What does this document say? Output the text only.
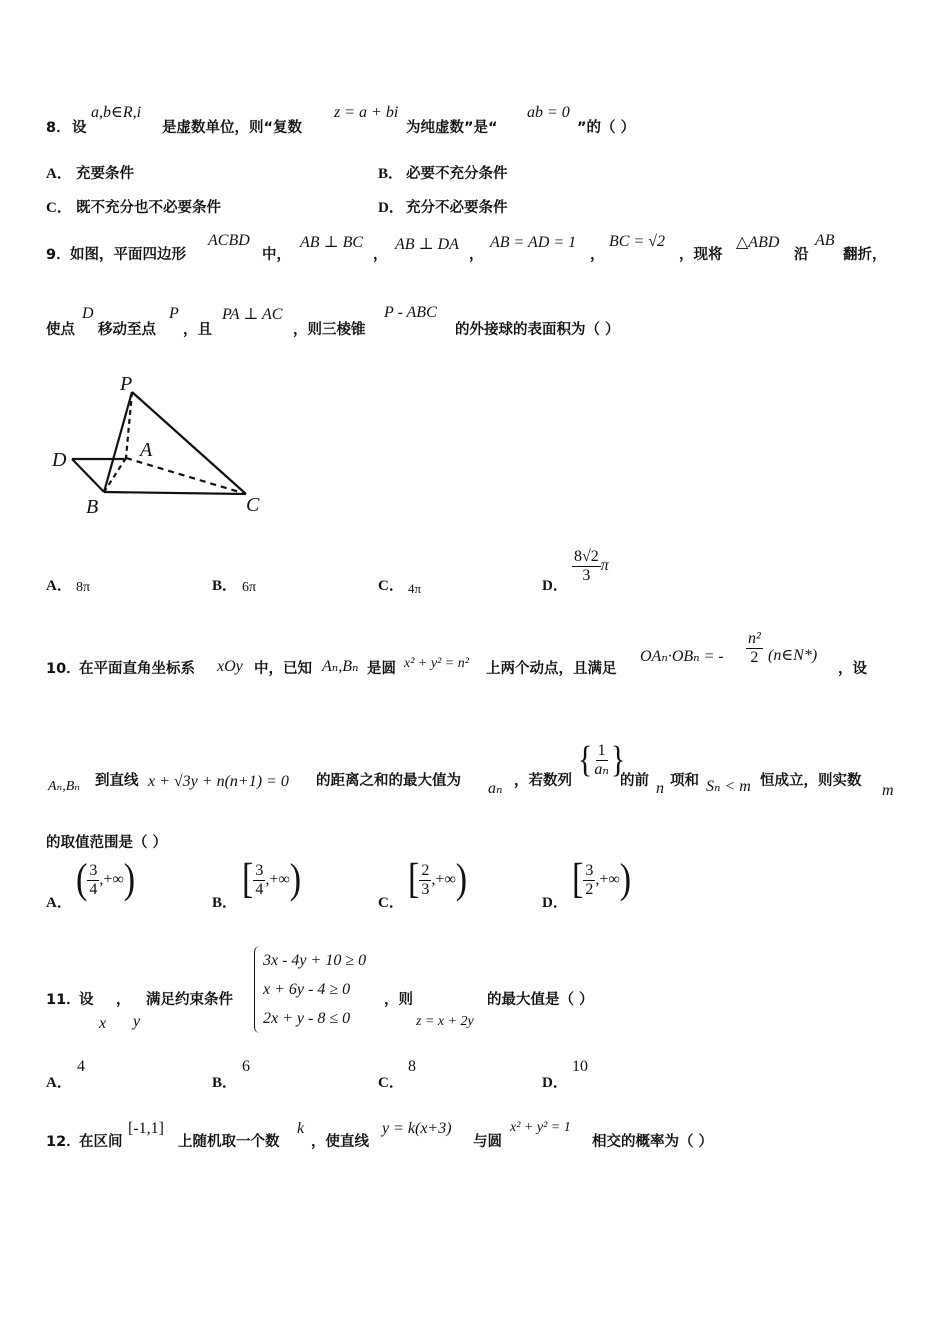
8． 设
a,b∈R,i
是虚数单位，则“复数
z = a + bi
为纯虚数”是“
ab = 0
”的（ ）
A． 充要条件	B． 必要不充分条件
C． 既不充分也不必要条件	D． 充分不必要条件
9． 如图，平面四边形
ACBD
中，
AB ⊥ BC
，
AB ⊥ DA
，
AB = AD = 1
，
BC = √2
，现将
△ABD
沿
AB
翻折，
使点
D
移动至点
P
，且
PA ⊥ AC
，则三棱锥
P - ABC
的外接球的表面积为（ ）
P
A
D
B	C
A． 8π	B． 6π	C． 4π	D．
$\frac{8√2}{3}$ π
10．
在平面直角坐标系 xOy 中，已知 Aₙ,Bₙ 是圆 x² + y² = n² 上两个动点，且满足
OAₙ·OBₙ = - $\frac{\text{n²}}{2}$ (n∈N*)
，设
Aₙ,Bₙ 到直线 x + √3y + n(n+1) = 0 的距离之和的最大值为 aₙ ，若数列
{ $\frac{1}{\text{aₙ}}$ }
的前 n 项和 Sₙ < m 恒成立，则实数
m
的取值范围是（ ）
A．
( $\frac{3}{4}$ ,+∞)
B．
[ $\frac{3}{4}$ ,+∞)
C．
[ $\frac{2}{3}$ ,+∞)
D．
[ $\frac{3}{2}$ ,+∞)
11．
设
x
，
y
满足约束条件
3x - 4y + 10 ≥ 0
x + 6y - 4 ≥ 0
2x + y - 8 ≤ 0
，则
z = x + 2y
的最大值是（ ）
A．
4
B．
6
C．
8
D．
10
12．
在区间
[-1,1]
上随机取一个数
k
，使直线
y = k(x+3)
与圆
x² + y² = 1
相交的概率为（ ）
